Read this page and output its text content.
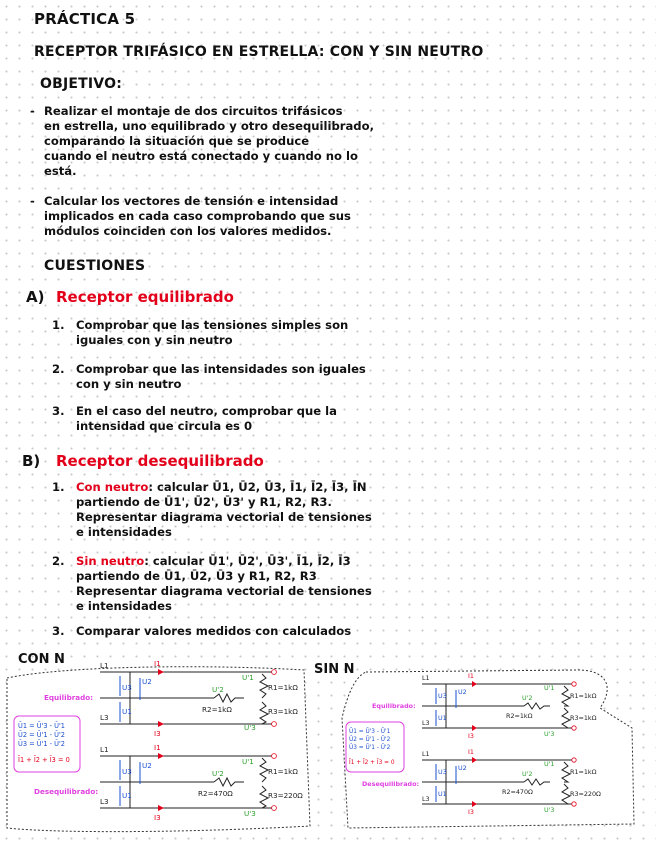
PRÁCTICA 5
RECEPTOR TRIFÁSICO EN ESTRELLA: CON Y SIN NEUTRO
OBJETIVO:
- Realizar el montaje de dos circuitos trifásicos
en estrella, uno equilibrado y otro desequilibrado,
comparando la situación que se produce
cuando el neutro está conectado y cuando no lo
está.
- Calcular los vectores de tensión e intensidad
implicados en cada caso comprobando que sus
módulos coinciden con los valores medidos.
CUESTIONES
A) Receptor equilibrado
1. Comprobar que las tensiones simples son
iguales con y sin neutro
2. Comprobar que las intensidades son iguales
con y sin neutro
3. En el caso del neutro, comprobar que la
intensidad que circula es 0
B) Receptor desequilibrado
1. Con neutro: calcular Ū1, Ū2, Ū3, Ī1, Ī2, Ī3, ĪN
partiendo de Ū1', Ū2', Ū3' y R1, R2, R3.
Representar diagrama vectorial de tensiones
e intensidades
2. Sin neutro: calcular Ū1', Ū2', Ū3', Ī1, Ī2, Ī3
partiendo de Ū1, Ū2, Ū3 y R1, R2, R3
Representar diagrama vectorial de tensiones
e intensidades
3. Comparar valores medidos con calculados
CON N
SIN N
L1
L3
L1
L3
R1=1kΩ
R2=1kΩ	R3=1kΩ
R1=1kΩ
R2=470Ω	R3=220Ω
U3
U2
U1
U3
U2
U1
U'2
U'1
U'3
U'2
U'1
U'3
I1
I3
I1
I3
Equilibrado:
Desequilibrado:
Ū1 = Ū'3 - Ū'1
Ū2 = Ū'1 - Ū'2
Ū3 = Ū'1 - Ū'2
Ī1 + Ī2 + Ī3 = 0
L1
L3
L1
L3
R1=1kΩ
R2=1kΩ	R3=1kΩ
R1=1kΩ
R2=470Ω	R3=220Ω
U3 U2
U1
U3 U2
U1
U'2
U'1
U'3
U'2
U'1
U'3
I1
I3
I1
I3
Equilibrado:
Desequilibrado:
Ū1 = Ū'3 - Ū'1
Ū2 = Ū'1 - Ū'2
Ū3 = Ū'1 - Ū'2
Ī1 + Ī2 + Ī3 = 0
